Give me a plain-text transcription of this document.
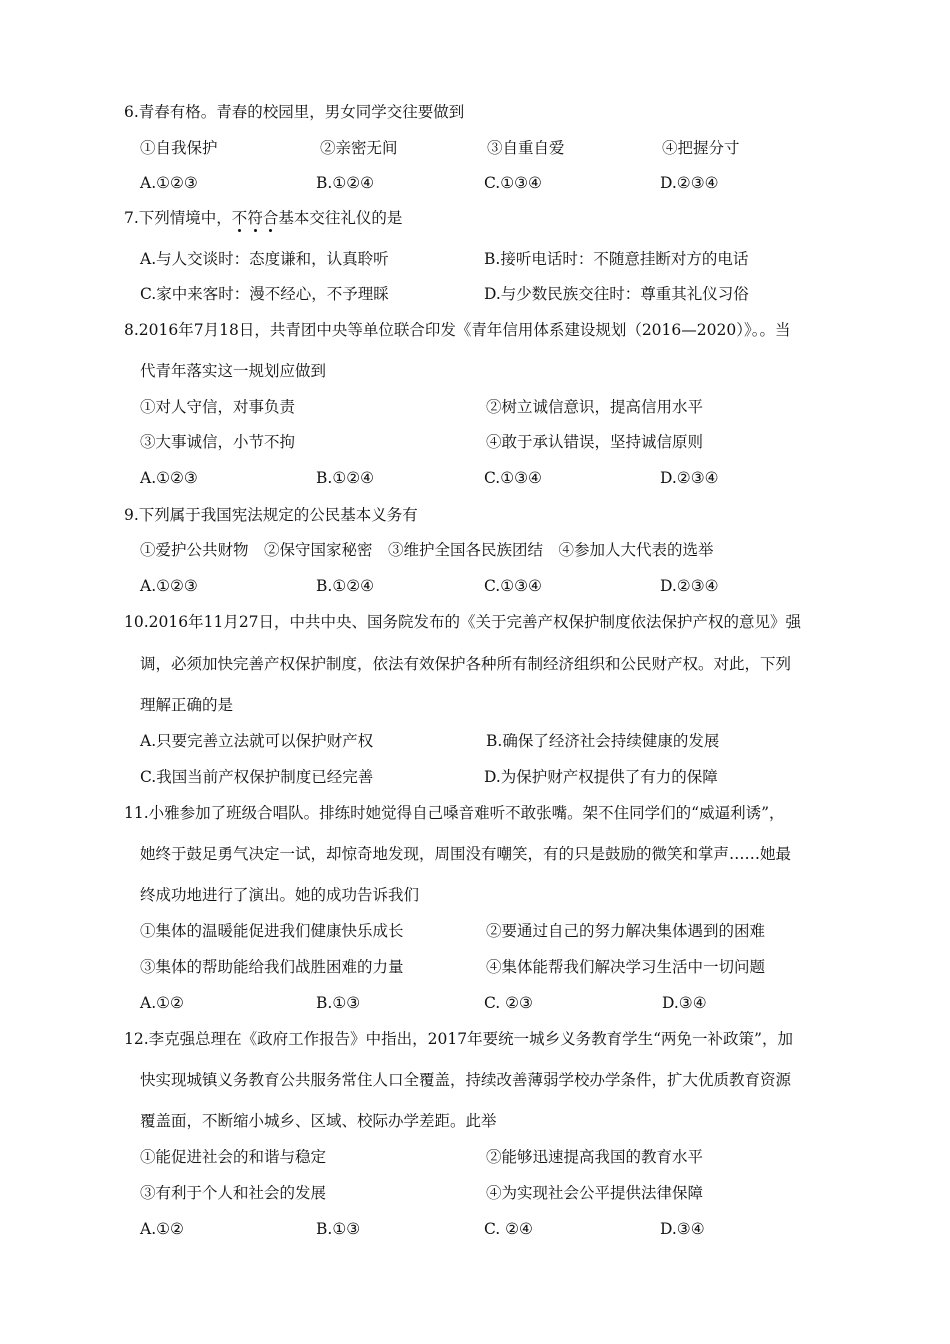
6.青春有格。青春的校园里，男女同学交往要做到
①自我保护	②亲密无间	③自重自爱	④把握分寸
A.①②③	B.①②④	C.①③④	D.②③④
7.下列情境中，不符合基本交往礼仪的是
A.与人交谈时：态度谦和，认真聆听	B.接听电话时：不随意挂断对方的电话
C.家中来客时：漫不经心，不予理睬	D.与少数民族交往时：尊重其礼仪习俗
8.2016年7月18日，共青团中央等单位联合印发《青年信用体系建设规划（2016—2020）》。。当
代青年落实这一规划应做到
①对人守信，对事负责	②树立诚信意识，提高信用水平
③大事诚信，小节不拘	④敢于承认错误，坚持诚信原则
A.①②③	B.①②④	C.①③④	D.②③④
9.下列属于我国宪法规定的公民基本义务有
①爱护公共财物　②保守国家秘密　③维护全国各民族团结　④参加人大代表的选举
A.①②③	B.①②④	C.①③④	D.②③④
10.2016年11月27日，中共中央、国务院发布的《关于完善产权保护制度依法保护产权的意见》强
调，必须加快完善产权保护制度，依法有效保护各种所有制经济组织和公民财产权。对此，下列
理解正确的是
A.只要完善立法就可以保护财产权	B.确保了经济社会持续健康的发展
C.我国当前产权保护制度已经完善	D.为保护财产权提供了有力的保障
11.小雅参加了班级合唱队。排练时她觉得自己嗓音难听不敢张嘴。架不住同学们的“威逼利诱”，
她终于鼓足勇气决定一试，却惊奇地发现，周围没有嘲笑，有的只是鼓励的微笑和掌声……她最
终成功地进行了演出。她的成功告诉我们
①集体的温暖能促进我们健康快乐成长	②要通过自己的努力解决集体遇到的困难
③集体的帮助能给我们战胜困难的力量	④集体能帮我们解决学习生活中一切问题
A.①②	B.①③	C. ②③	D.③④
12.李克强总理在《政府工作报告》中指出，2017年要统一城乡义务教育学生“两免一补政策”，加
快实现城镇义务教育公共服务常住人口全覆盖，持续改善薄弱学校办学条件，扩大优质教育资源
覆盖面，不断缩小城乡、区域、校际办学差距。此举
①能促进社会的和谐与稳定	②能够迅速提高我国的教育水平
③有利于个人和社会的发展	④为实现社会公平提供法律保障
A.①②	B.①③	C. ②④	D.③④
